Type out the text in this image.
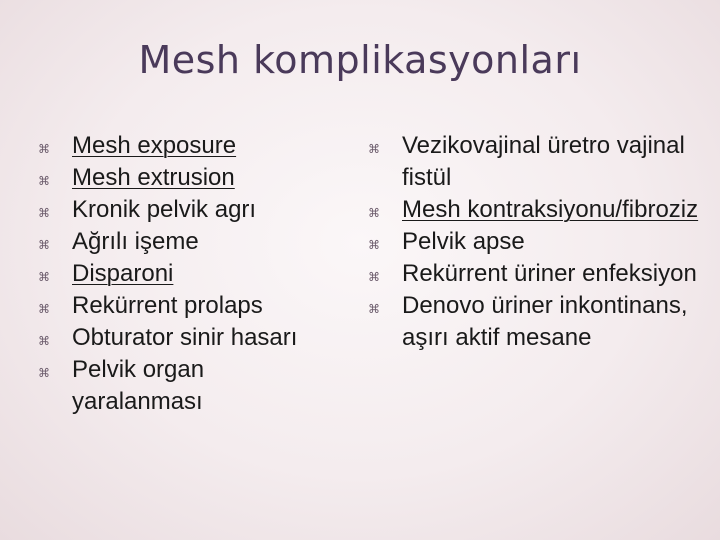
Mesh komplikasyonları
⌘ Mesh exposure
⌘ Mesh extrusion
⌘ Kronik pelvik agrı
⌘ Ağrılı işeme
⌘ Disparoni
⌘ Rekürrent prolaps
⌘ Obturator sinir hasarı
⌘ Pelvik organ yaralanması
⌘ Vezikovajinal üretro vajinal fistül
⌘ Mesh kontraksiyonu/fibroziz
⌘ Pelvik apse
⌘ Rekürrent üriner enfeksiyon
⌘ Denovo üriner inkontinans, aşırı aktif mesane
